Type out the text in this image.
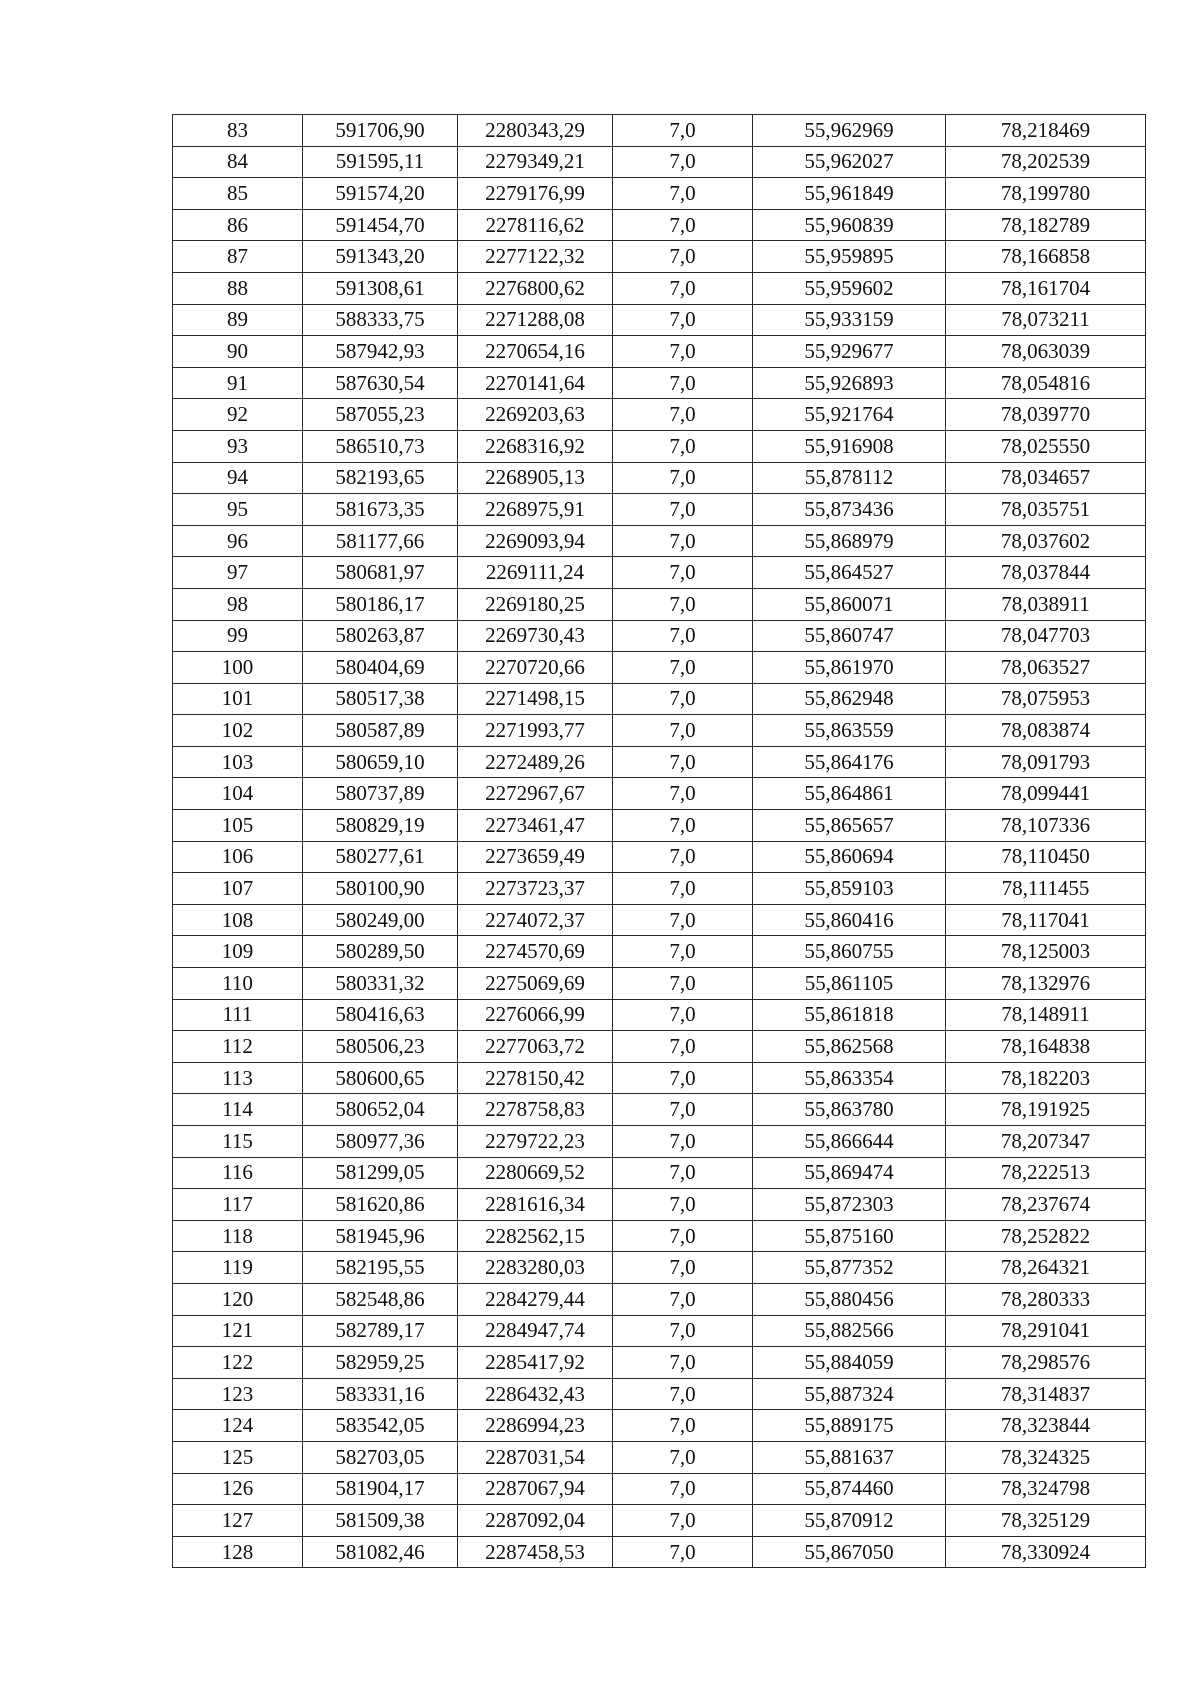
83	591706,90	2280343,29	7,0	55,962969	78,218469
84	591595,11	2279349,21	7,0	55,962027	78,202539
85	591574,20	2279176,99	7,0	55,961849	78,199780
86	591454,70	2278116,62	7,0	55,960839	78,182789
87	591343,20	2277122,32	7,0	55,959895	78,166858
88	591308,61	2276800,62	7,0	55,959602	78,161704
89	588333,75	2271288,08	7,0	55,933159	78,073211
90	587942,93	2270654,16	7,0	55,929677	78,063039
91	587630,54	2270141,64	7,0	55,926893	78,054816
92	587055,23	2269203,63	7,0	55,921764	78,039770
93	586510,73	2268316,92	7,0	55,916908	78,025550
94	582193,65	2268905,13	7,0	55,878112	78,034657
95	581673,35	2268975,91	7,0	55,873436	78,035751
96	581177,66	2269093,94	7,0	55,868979	78,037602
97	580681,97	2269111,24	7,0	55,864527	78,037844
98	580186,17	2269180,25	7,0	55,860071	78,038911
99	580263,87	2269730,43	7,0	55,860747	78,047703
100	580404,69	2270720,66	7,0	55,861970	78,063527
101	580517,38	2271498,15	7,0	55,862948	78,075953
102	580587,89	2271993,77	7,0	55,863559	78,083874
103	580659,10	2272489,26	7,0	55,864176	78,091793
104	580737,89	2272967,67	7,0	55,864861	78,099441
105	580829,19	2273461,47	7,0	55,865657	78,107336
106	580277,61	2273659,49	7,0	55,860694	78,110450
107	580100,90	2273723,37	7,0	55,859103	78,111455
108	580249,00	2274072,37	7,0	55,860416	78,117041
109	580289,50	2274570,69	7,0	55,860755	78,125003
110	580331,32	2275069,69	7,0	55,861105	78,132976
111	580416,63	2276066,99	7,0	55,861818	78,148911
112	580506,23	2277063,72	7,0	55,862568	78,164838
113	580600,65	2278150,42	7,0	55,863354	78,182203
114	580652,04	2278758,83	7,0	55,863780	78,191925
115	580977,36	2279722,23	7,0	55,866644	78,207347
116	581299,05	2280669,52	7,0	55,869474	78,222513
117	581620,86	2281616,34	7,0	55,872303	78,237674
118	581945,96	2282562,15	7,0	55,875160	78,252822
119	582195,55	2283280,03	7,0	55,877352	78,264321
120	582548,86	2284279,44	7,0	55,880456	78,280333
121	582789,17	2284947,74	7,0	55,882566	78,291041
122	582959,25	2285417,92	7,0	55,884059	78,298576
123	583331,16	2286432,43	7,0	55,887324	78,314837
124	583542,05	2286994,23	7,0	55,889175	78,323844
125	582703,05	2287031,54	7,0	55,881637	78,324325
126	581904,17	2287067,94	7,0	55,874460	78,324798
127	581509,38	2287092,04	7,0	55,870912	78,325129
128	581082,46	2287458,53	7,0	55,867050	78,330924
